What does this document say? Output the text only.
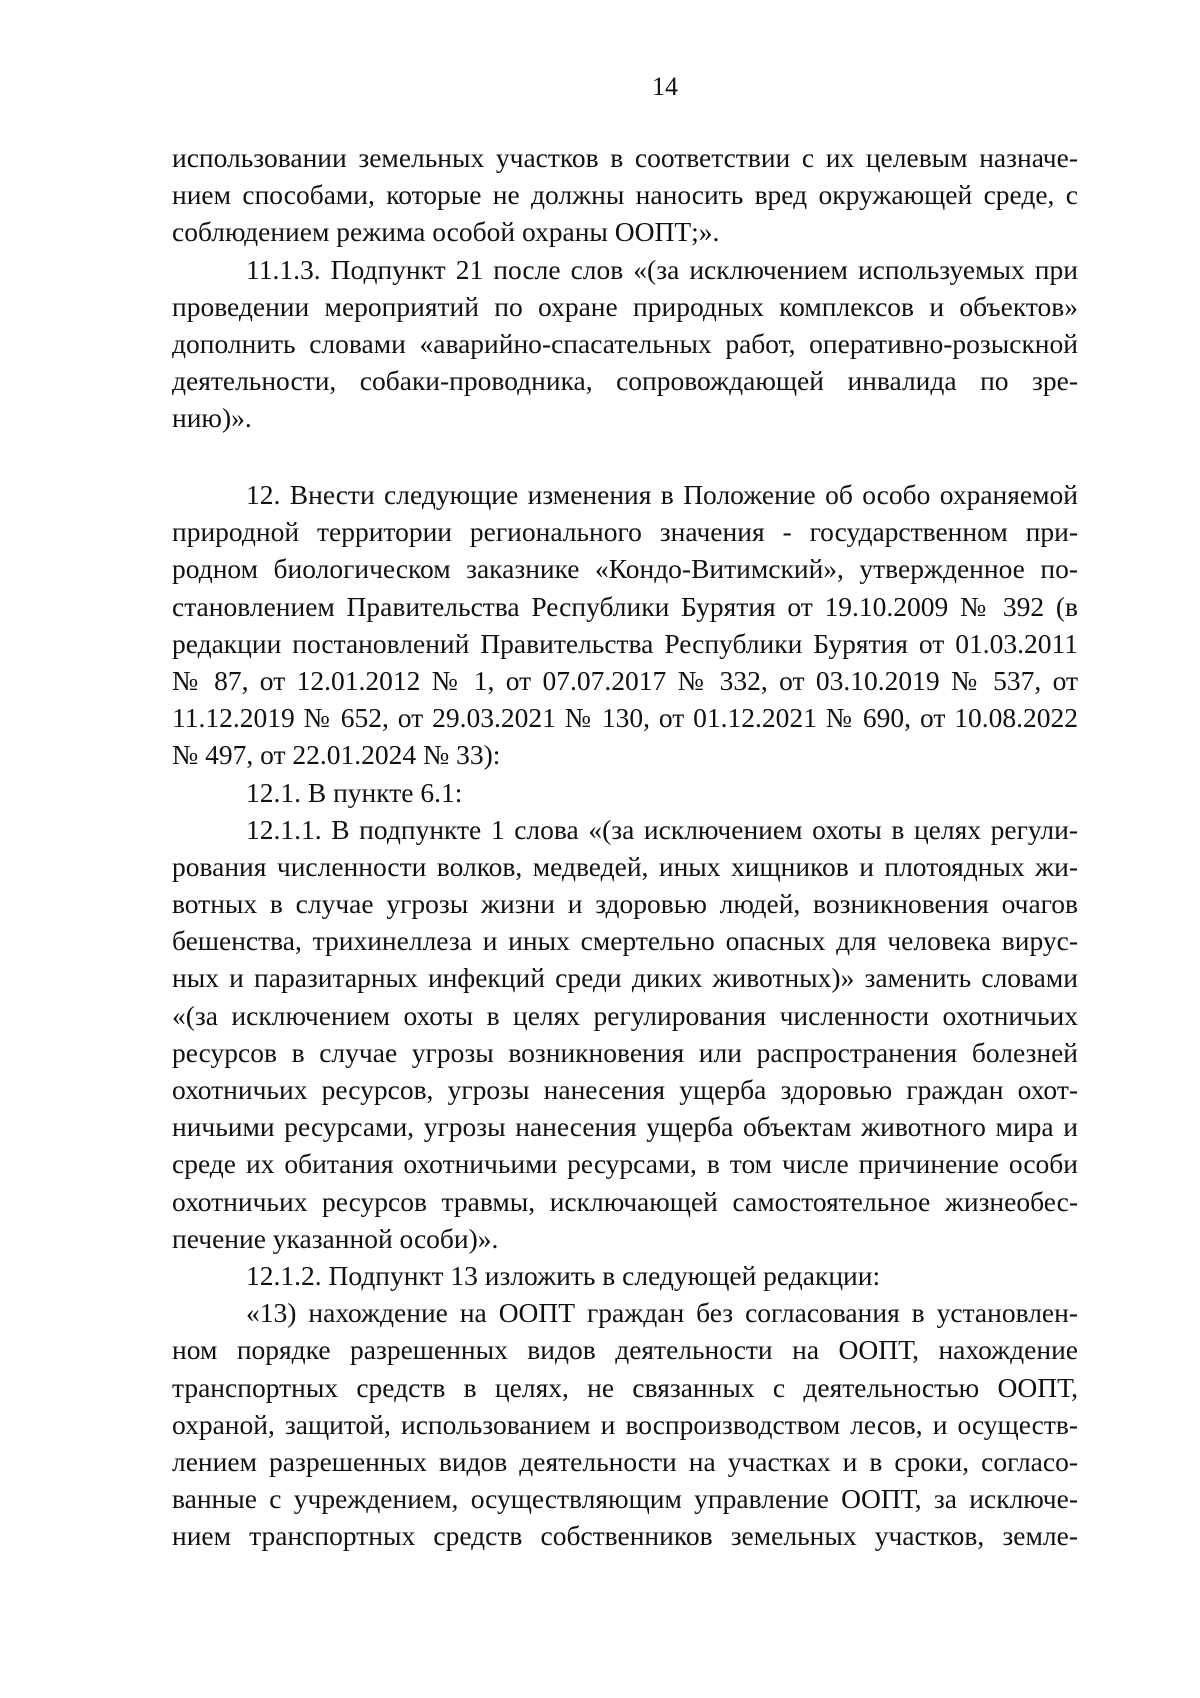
14
использовании земельных участков в соответствии с их целевым назначе-
нием способами, которые не должны наносить вред окружающей среде, с
соблюдением режима особой охраны ООПТ;».
11.1.3. Подпункт 21 после слов «(за исключением используемых при
проведении мероприятий по охране природных комплексов и объектов»
дополнить словами «аварийно-спасательных работ, оперативно-розыскной
деятельности, собаки-проводника, сопровождающей инвалида по зре-
нию)».
12. Внести следующие изменения в Положение об особо охраняемой
природной территории регионального значения - государственном при-
родном биологическом заказнике «Кондо-Витимский», утвержденное по-
становлением Правительства Республики Бурятия от 19.10.2009 № 392 (в
редакции постановлений Правительства Республики Бурятия от 01.03.2011
№ 87, от 12.01.2012 № 1, от 07.07.2017 № 332, от 03.10.2019 № 537, от
11.12.2019 № 652, от 29.03.2021 № 130, от 01.12.2021 № 690, от 10.08.2022
№ 497, от 22.01.2024 № 33):
12.1. В пункте 6.1:
12.1.1. В подпункте 1 слова «(за исключением охоты в целях регули-
рования численности волков, медведей, иных хищников и плотоядных жи-
вотных в случае угрозы жизни и здоровью людей, возникновения очагов
бешенства, трихинеллеза и иных смертельно опасных для человека вирус-
ных и паразитарных инфекций среди диких животных)» заменить словами
«(за исключением охоты в целях регулирования численности охотничьих
ресурсов в случае угрозы возникновения или распространения болезней
охотничьих ресурсов, угрозы нанесения ущерба здоровью граждан охот-
ничьими ресурсами, угрозы нанесения ущерба объектам животного мира и
среде их обитания охотничьими ресурсами, в том числе причинение особи
охотничьих ресурсов травмы, исключающей самостоятельное жизнеобес-
печение указанной особи)».
12.1.2. Подпункт 13 изложить в следующей редакции:
«13) нахождение на ООПТ граждан без согласования в установлен-
ном порядке разрешенных видов деятельности на ООПТ, нахождение
транспортных средств в целях, не связанных с деятельностью ООПТ,
охраной, защитой, использованием и воспроизводством лесов, и осуществ-
лением разрешенных видов деятельности на участках и в сроки, согласо-
ванные с учреждением, осуществляющим управление ООПТ, за исключе-
нием транспортных средств собственников земельных участков, земле-
